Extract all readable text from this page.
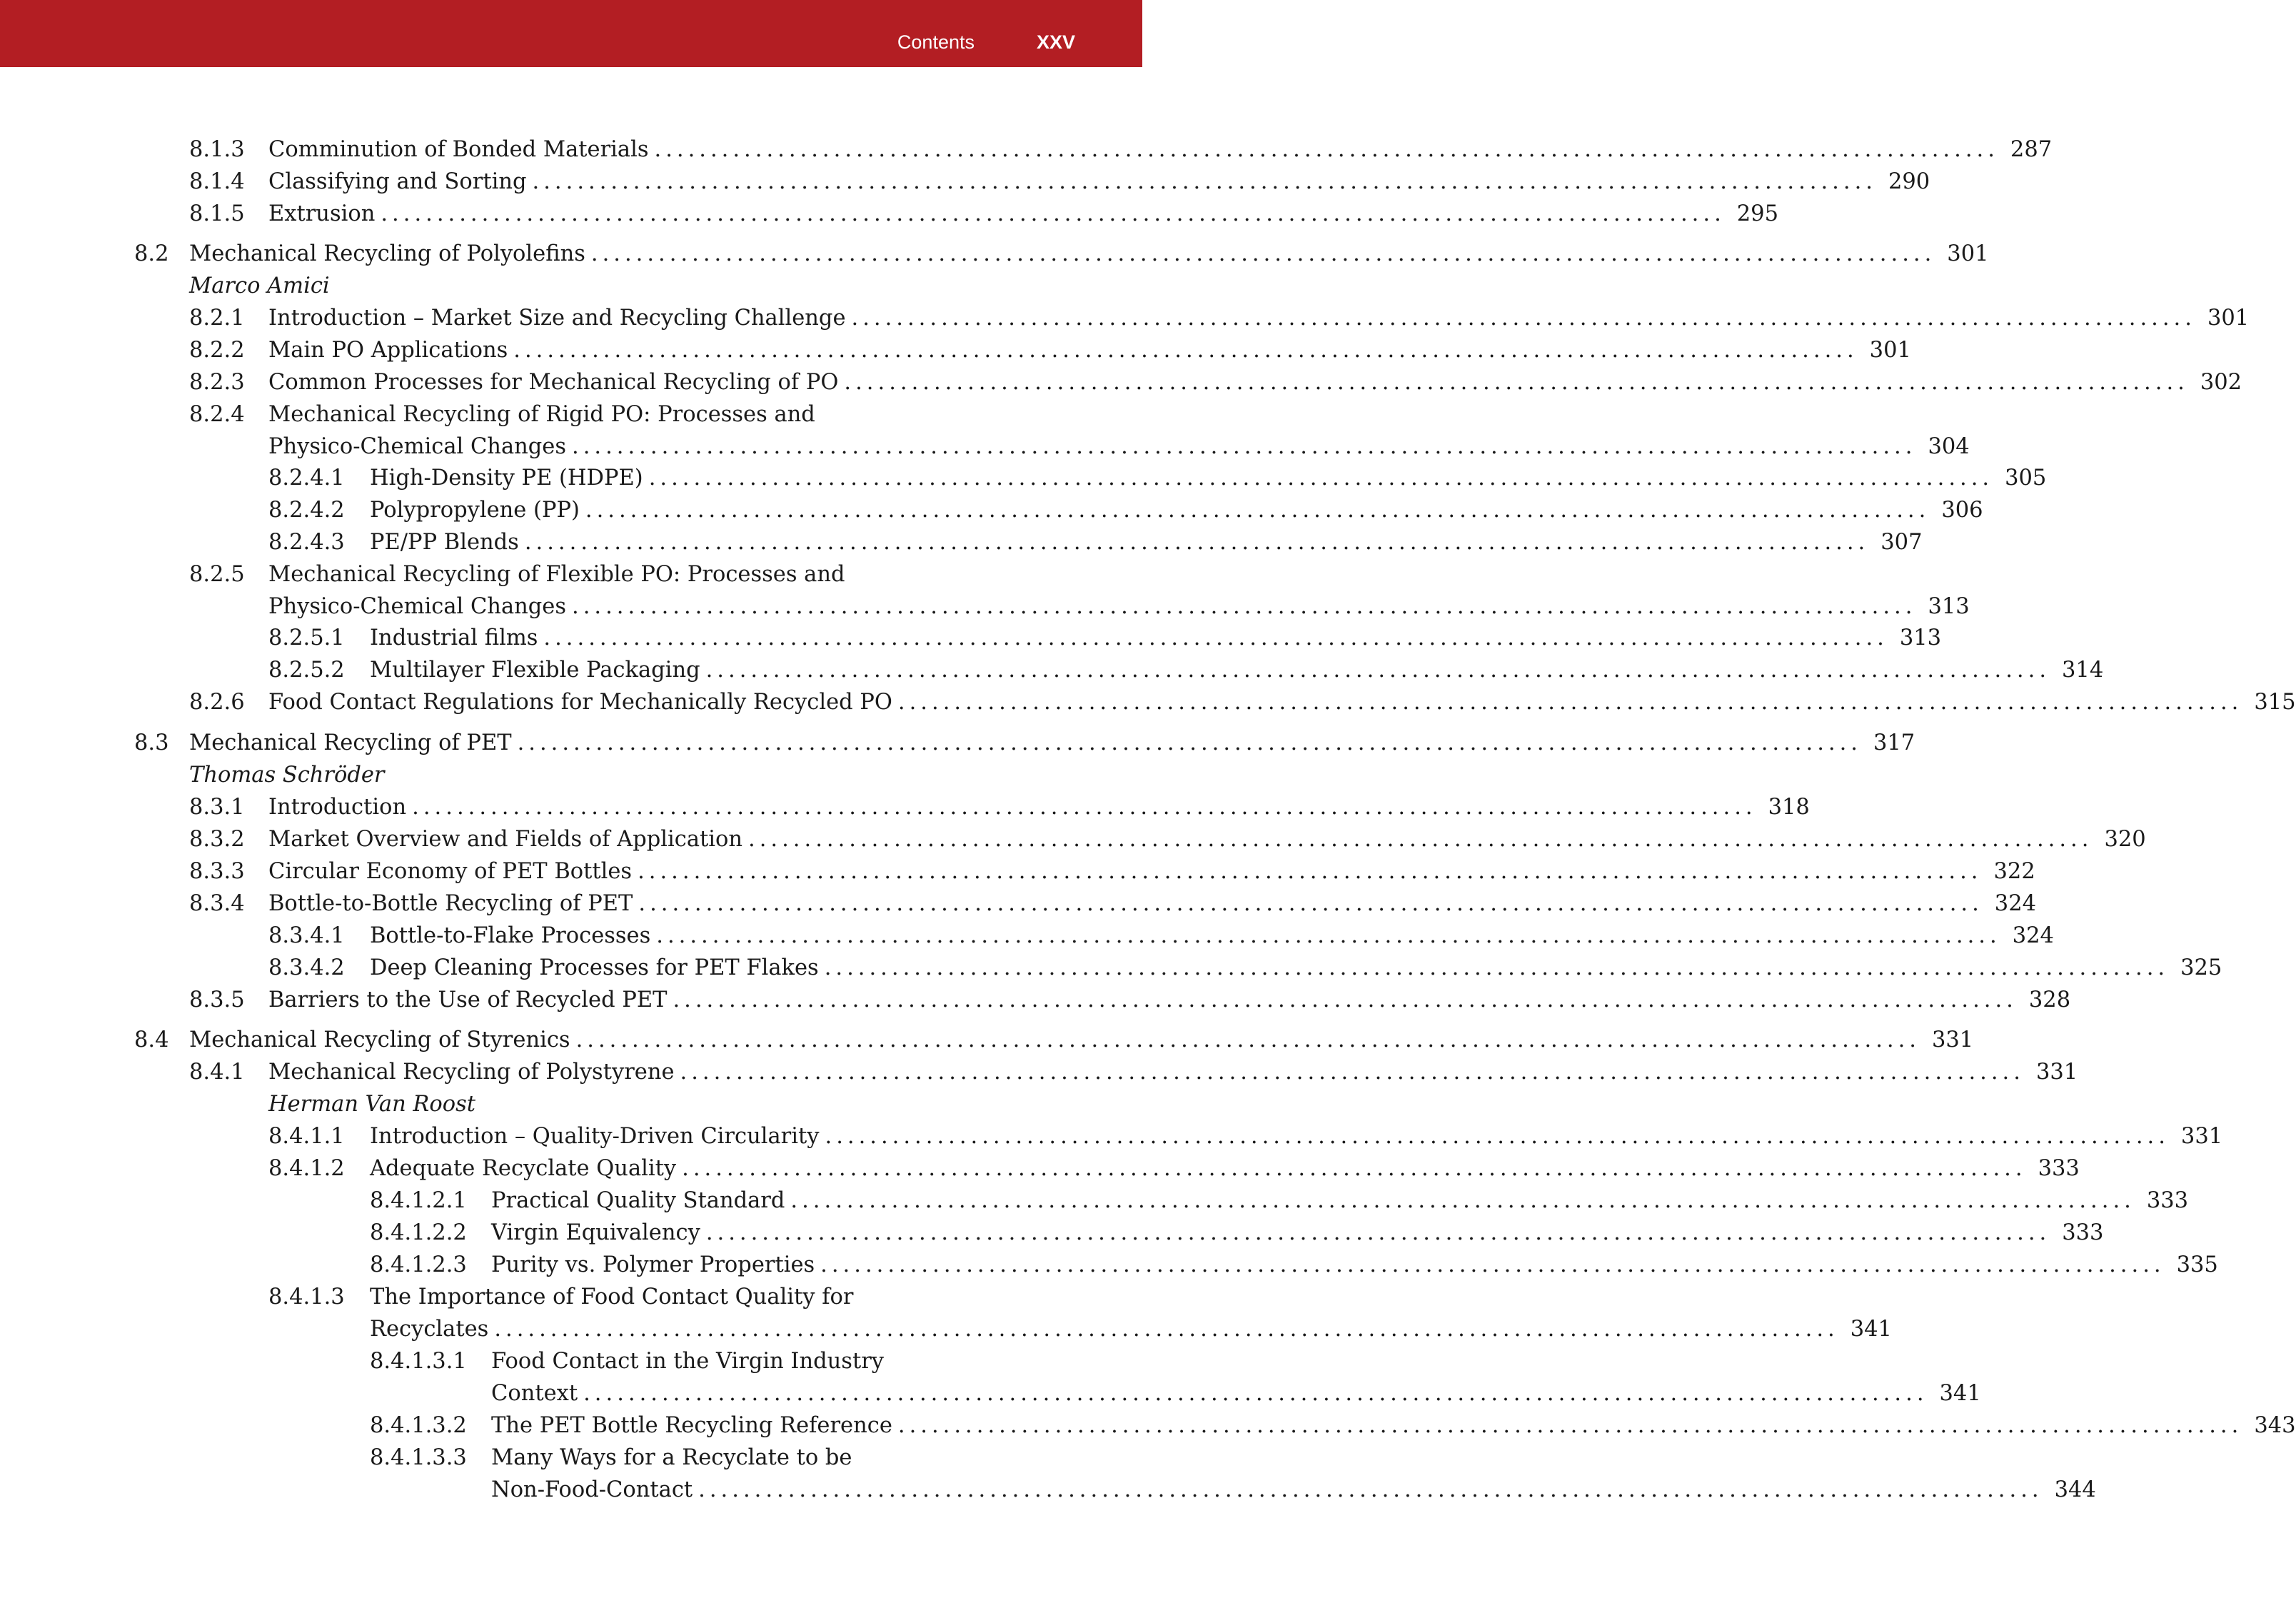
Contents	XXV
8.1.3 Comminution of Bonded Materials ........................................................................................................................ 287
8.1.4 Classifying and Sorting ........................................................................................................................ 290
8.1.5 Extrusion ........................................................................................................................ 295
8.2 Mechanical Recycling of Polyolefins ........................................................................................................................ 301
Marco Amici
8.2.1 Introduction – Market Size and Recycling Challenge ........................................................................................................................ 301
8.2.2 Main PO Applications ........................................................................................................................ 301
8.2.3 Common Processes for Mechanical Recycling of PO ........................................................................................................................ 302
8.2.4 Mechanical Recycling of Rigid PO: Processes and
Physico-Chemical Changes ........................................................................................................................ 304
8.2.4.1 High-Density PE (HDPE) ........................................................................................................................ 305
8.2.4.2 Polypropylene (PP) ........................................................................................................................ 306
8.2.4.3 PE/PP Blends ........................................................................................................................ 307
8.2.5 Mechanical Recycling of Flexible PO: Processes and
Physico-Chemical Changes ........................................................................................................................ 313
8.2.5.1 Industrial films ........................................................................................................................ 313
8.2.5.2 Multilayer Flexible Packaging ........................................................................................................................ 314
8.2.6 Food Contact Regulations for Mechanically Recycled PO ........................................................................................................................ 315
8.3 Mechanical Recycling of PET ........................................................................................................................ 317
Thomas Schröder
8.3.1 Introduction ........................................................................................................................ 318
8.3.2 Market Overview and Fields of Application ........................................................................................................................ 320
8.3.3 Circular Economy of PET Bottles ........................................................................................................................ 322
8.3.4 Bottle-to-Bottle Recycling of PET ........................................................................................................................ 324
8.3.4.1 Bottle-to-Flake Processes ........................................................................................................................ 324
8.3.4.2 Deep Cleaning Processes for PET Flakes ........................................................................................................................ 325
8.3.5 Barriers to the Use of Recycled PET ........................................................................................................................ 328
8.4 Mechanical Recycling of Styrenics ........................................................................................................................ 331
8.4.1 Mechanical Recycling of Polystyrene ........................................................................................................................ 331
Herman Van Roost
8.4.1.1 Introduction – Quality-Driven Circularity ........................................................................................................................ 331
8.4.1.2 Adequate Recyclate Quality ........................................................................................................................ 333
8.4.1.2.1 Practical Quality Standard ........................................................................................................................ 333
8.4.1.2.2 Virgin Equivalency ........................................................................................................................ 333
8.4.1.2.3 Purity vs. Polymer Properties ........................................................................................................................ 335
8.4.1.3 The Importance of Food Contact Quality for
Recyclates ........................................................................................................................ 341
8.4.1.3.1 Food Contact in the Virgin Industry
Context ........................................................................................................................ 341
8.4.1.3.2 The PET Bottle Recycling Reference ........................................................................................................................ 343
8.4.1.3.3 Many Ways for a Recyclate to be
Non-Food-Contact ........................................................................................................................ 344
